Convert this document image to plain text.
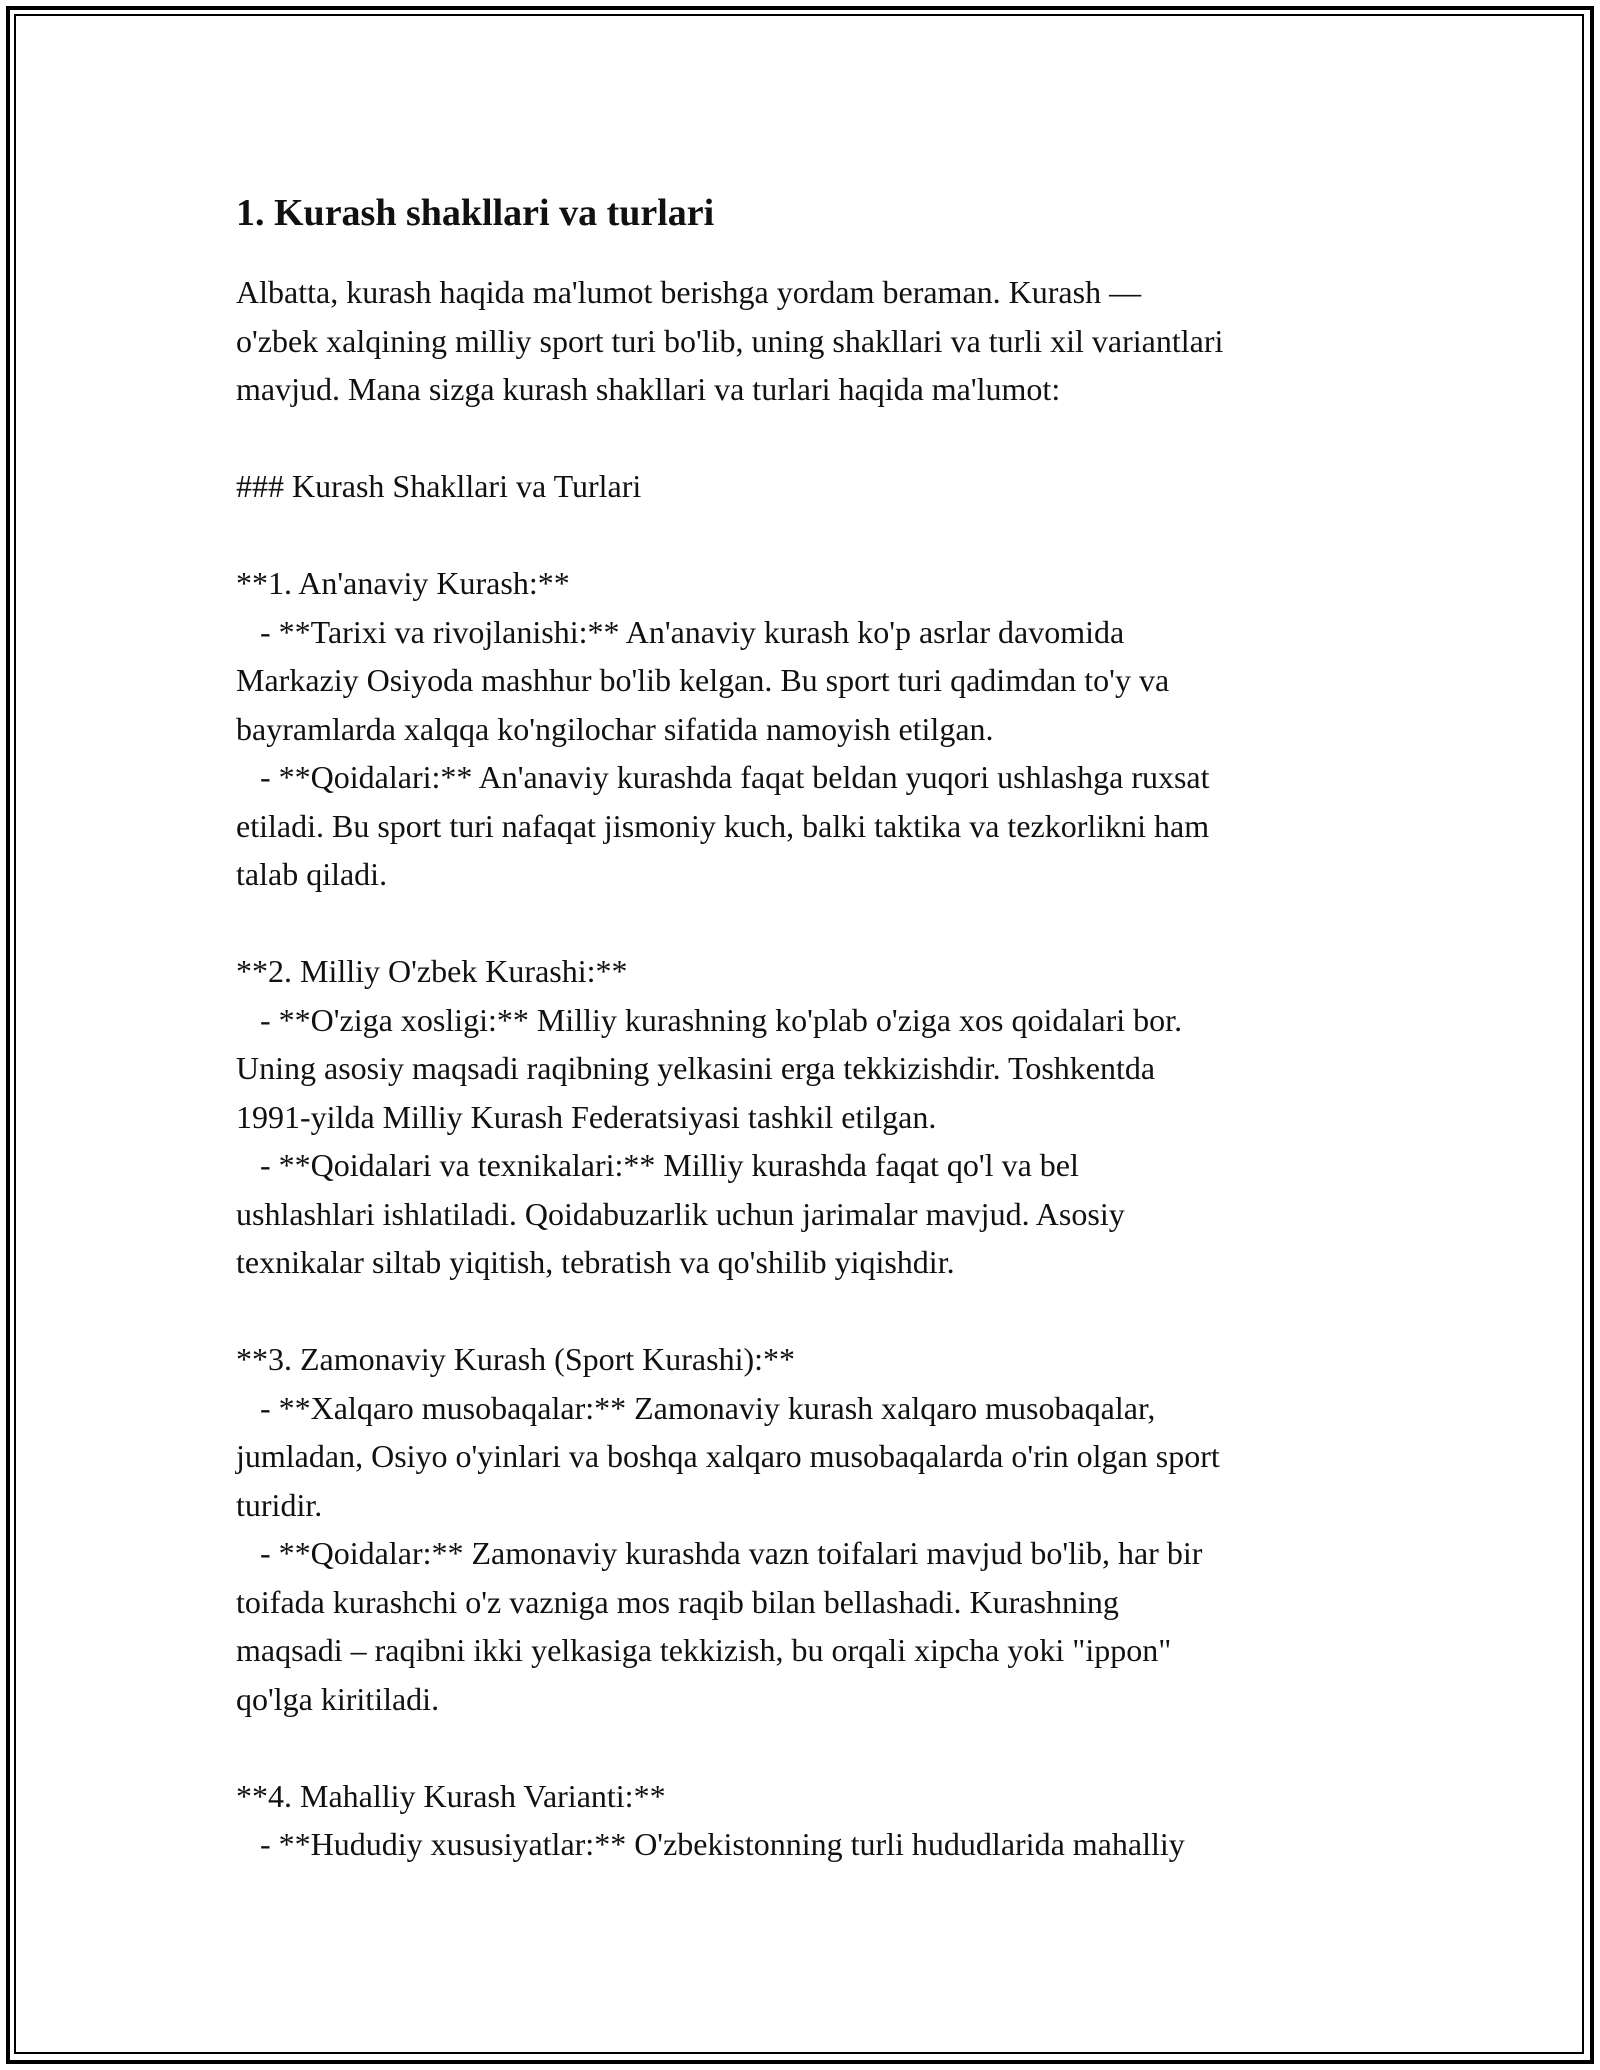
1. Kurash shakllari va turlari
Albatta, kurash haqida ma'lumot berishga yordam beraman. Kurash —
o'zbek xalqining milliy sport turi bo'lib, uning shakllari va turli xil variantlari
mavjud. Mana sizga kurash shakllari va turlari haqida ma'lumot:

### Kurash Shakllari va Turlari

**1. An'anaviy Kurash:**
- **Tarixi va rivojlanishi:** An'anaviy kurash ko'p asrlar davomida
Markaziy Osiyoda mashhur bo'lib kelgan. Bu sport turi qadimdan to'y va
bayramlarda xalqqa ko'ngilochar sifatida namoyish etilgan.
- **Qoidalari:** An'anaviy kurashda faqat beldan yuqori ushlashga ruxsat
etiladi. Bu sport turi nafaqat jismoniy kuch, balki taktika va tezkorlikni ham
talab qiladi.

**2. Milliy O'zbek Kurashi:**
- **O'ziga xosligi:** Milliy kurashning ko'plab o'ziga xos qoidalari bor.
Uning asosiy maqsadi raqibning yelkasini erga tekkizishdir. Toshkentda
1991-yilda Milliy Kurash Federatsiyasi tashkil etilgan.
- **Qoidalari va texnikalari:** Milliy kurashda faqat qo'l va bel
ushlashlari ishlatiladi. Qoidabuzarlik uchun jarimalar mavjud. Asosiy
texnikalar siltab yiqitish, tebratish va qo'shilib yiqishdir.

**3. Zamonaviy Kurash (Sport Kurashi):**
- **Xalqaro musobaqalar:** Zamonaviy kurash xalqaro musobaqalar,
jumladan, Osiyo o'yinlari va boshqa xalqaro musobaqalarda o'rin olgan sport
turidir.
- **Qoidalar:** Zamonaviy kurashda vazn toifalari mavjud bo'lib, har bir
toifada kurashchi o'z vazniga mos raqib bilan bellashadi. Kurashning
maqsadi – raqibni ikki yelkasiga tekkizish, bu orqali xipcha yoki "ippon"
qo'lga kiritiladi.

**4. Mahalliy Kurash Varianti:**
- **Hududiy xususiyatlar:** O'zbekistonning turli hududlarida mahalliy
